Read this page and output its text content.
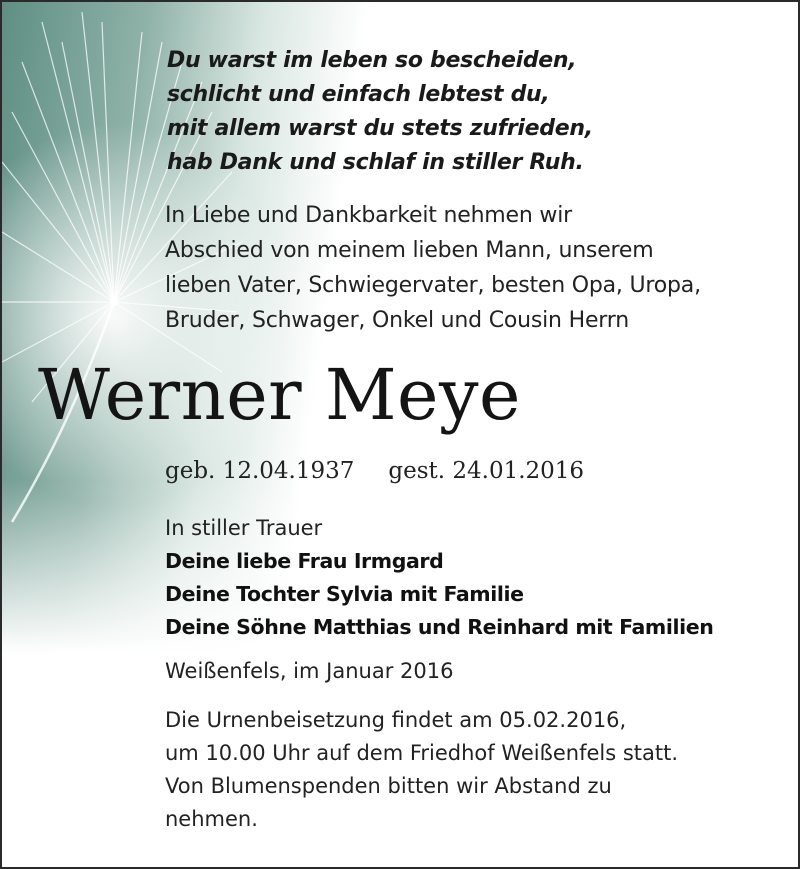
Du warst im leben so bescheiden,
schlicht und einfach lebtest du,
mit allem warst du stets zufrieden,
hab Dank und schlaf in stiller Ruh.
In Liebe und Dankbarkeit nehmen wir
Abschied von meinem lieben Mann, unserem
lieben Vater, Schwiegervater, besten Opa, Uropa,
Bruder, Schwager, Onkel und Cousin Herrn
Werner Meye
geb. 12.04.1937 gest. 24.01.2016
In stiller Trauer
Deine liebe Frau Irmgard
Deine Tochter Sylvia mit Familie
Deine Söhne Matthias und Reinhard mit Familien
Weißenfels, im Januar 2016
Die Urnenbeisetzung findet am 05.02.2016,
um 10.00 Uhr auf dem Friedhof Weißenfels statt.
Von Blumenspenden bitten wir Abstand zu
nehmen.
